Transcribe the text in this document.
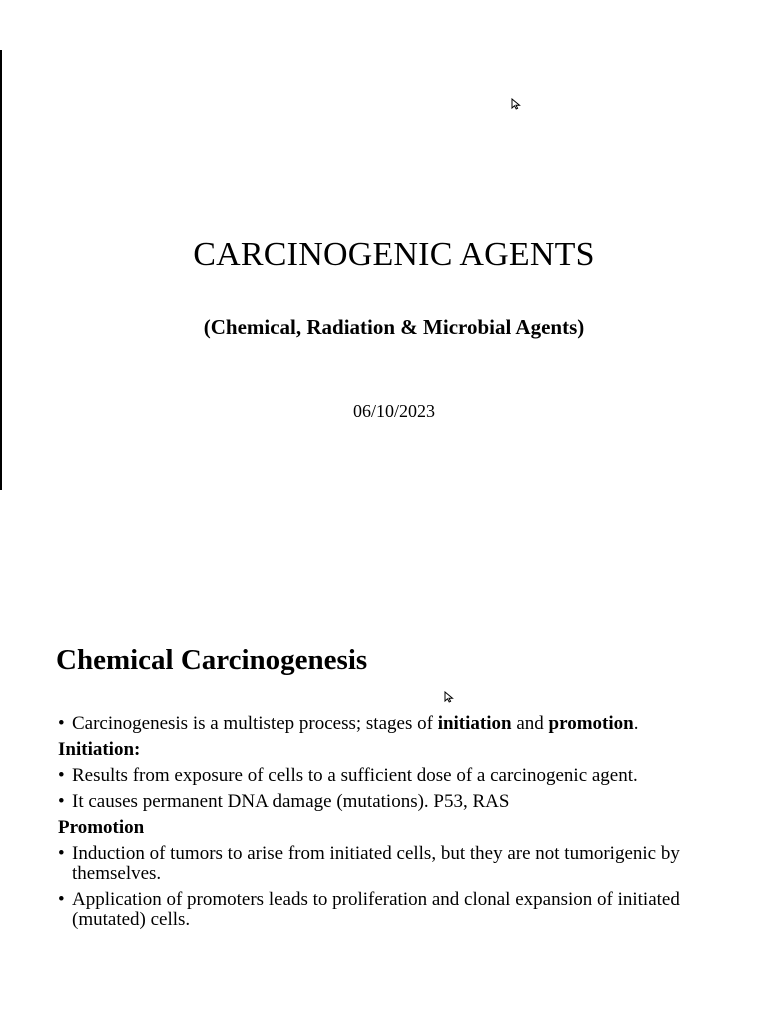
CARCINOGENIC AGENTS
(Chemical, Radiation & Microbial Agents)
06/10/2023
Chemical Carcinogenesis
• Carcinogenesis is a multistep process; stages of initiation and promotion.
Initiation:
• Results from exposure of cells to a sufficient dose of a carcinogenic agent.
• It causes permanent DNA damage (mutations). P53, RAS
Promotion
• Induction of tumors to arise from initiated cells, but they are not tumorigenic by themselves.
• Application of promoters leads to proliferation and clonal expansion of initiated (mutated) cells.
